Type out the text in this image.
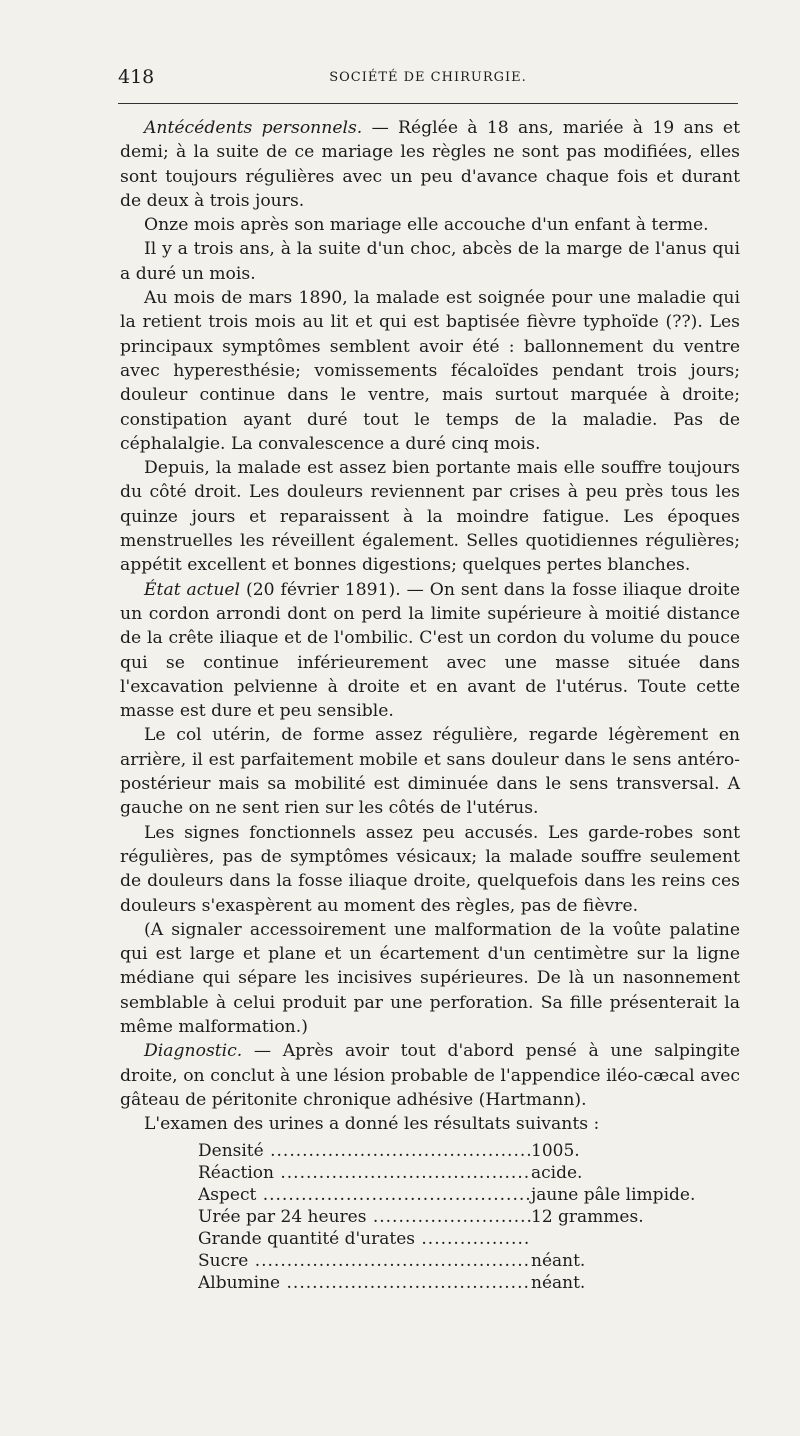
418	SOCIÉTÉ DE CHIRURGIE.

Antécédents personnels. — Réglée à 18 ans, mariée à 19 ans et demi; à la suite de ce mariage les règles ne sont pas modifiées, elles sont toujours régulières avec un peu d'avance chaque fois et durant de deux à trois jours.

Onze mois après son mariage elle accouche d'un enfant à terme.

Il y a trois ans, à la suite d'un choc, abcès de la marge de l'anus qui a duré un mois.

Au mois de mars 1890, la malade est soignée pour une maladie qui la retient trois mois au lit et qui est baptisée fièvre typhoïde (??). Les principaux symptômes semblent avoir été : ballonnement du ventre avec hyperesthésie; vomissements fécaloïdes pendant trois jours; douleur continue dans le ventre, mais surtout marquée à droite; constipation ayant duré tout le temps de la maladie. Pas de céphalalgie. La convalescence a duré cinq mois.

Depuis, la malade est assez bien portante mais elle souffre toujours du côté droit. Les douleurs reviennent par crises à peu près tous les quinze jours et reparaissent à la moindre fatigue. Les époques menstruelles les réveillent également. Selles quotidiennes régulières; appétit excellent et bonnes digestions; quelques pertes blanches.

État actuel (20 février 1891). — On sent dans la fosse iliaque droite un cordon arrondi dont on perd la limite supérieure à moitié distance de la crête iliaque et de l'ombilic. C'est un cordon du volume du pouce qui se continue inférieurement avec une masse située dans l'excavation pelvienne à droite et en avant de l'utérus. Toute cette masse est dure et peu sensible.

Le col utérin, de forme assez régulière, regarde légèrement en arrière, il est parfaitement mobile et sans douleur dans le sens antéro-postérieur mais sa mobilité est diminuée dans le sens transversal. A gauche on ne sent rien sur les côtés de l'utérus.

Les signes fonctionnels assez peu accusés. Les garde-robes sont régulières, pas de symptômes vésicaux; la malade souffre seulement de douleurs dans la fosse iliaque droite, quelquefois dans les reins ces douleurs s'exaspèrent au moment des règles, pas de fièvre.

(A signaler accessoirement une malformation de la voûte palatine qui est large et plane et un écartement d'un centimètre sur la ligne médiane qui sépare les incisives supérieures. De là un nasonnement semblable à celui produit par une perforation. Sa fille présenterait la même malformation.)

Diagnostic. — Après avoir tout d'abord pensé à une salpingite droite, on conclut à une lésion probable de l'appendice iléo-cæcal avec gâteau de péritonite chronique adhésive (Hartmann).

L'examen des urines a donné les résultats suivants :

Densité .....	1005.
Réaction .....	acide.
Aspect .....	jaune pâle limpide.
Urée par 24 heures .....	12 grammes.
Grande quantité d'urates .....
Sucre .....	néant.
Albumine .....	néant.
